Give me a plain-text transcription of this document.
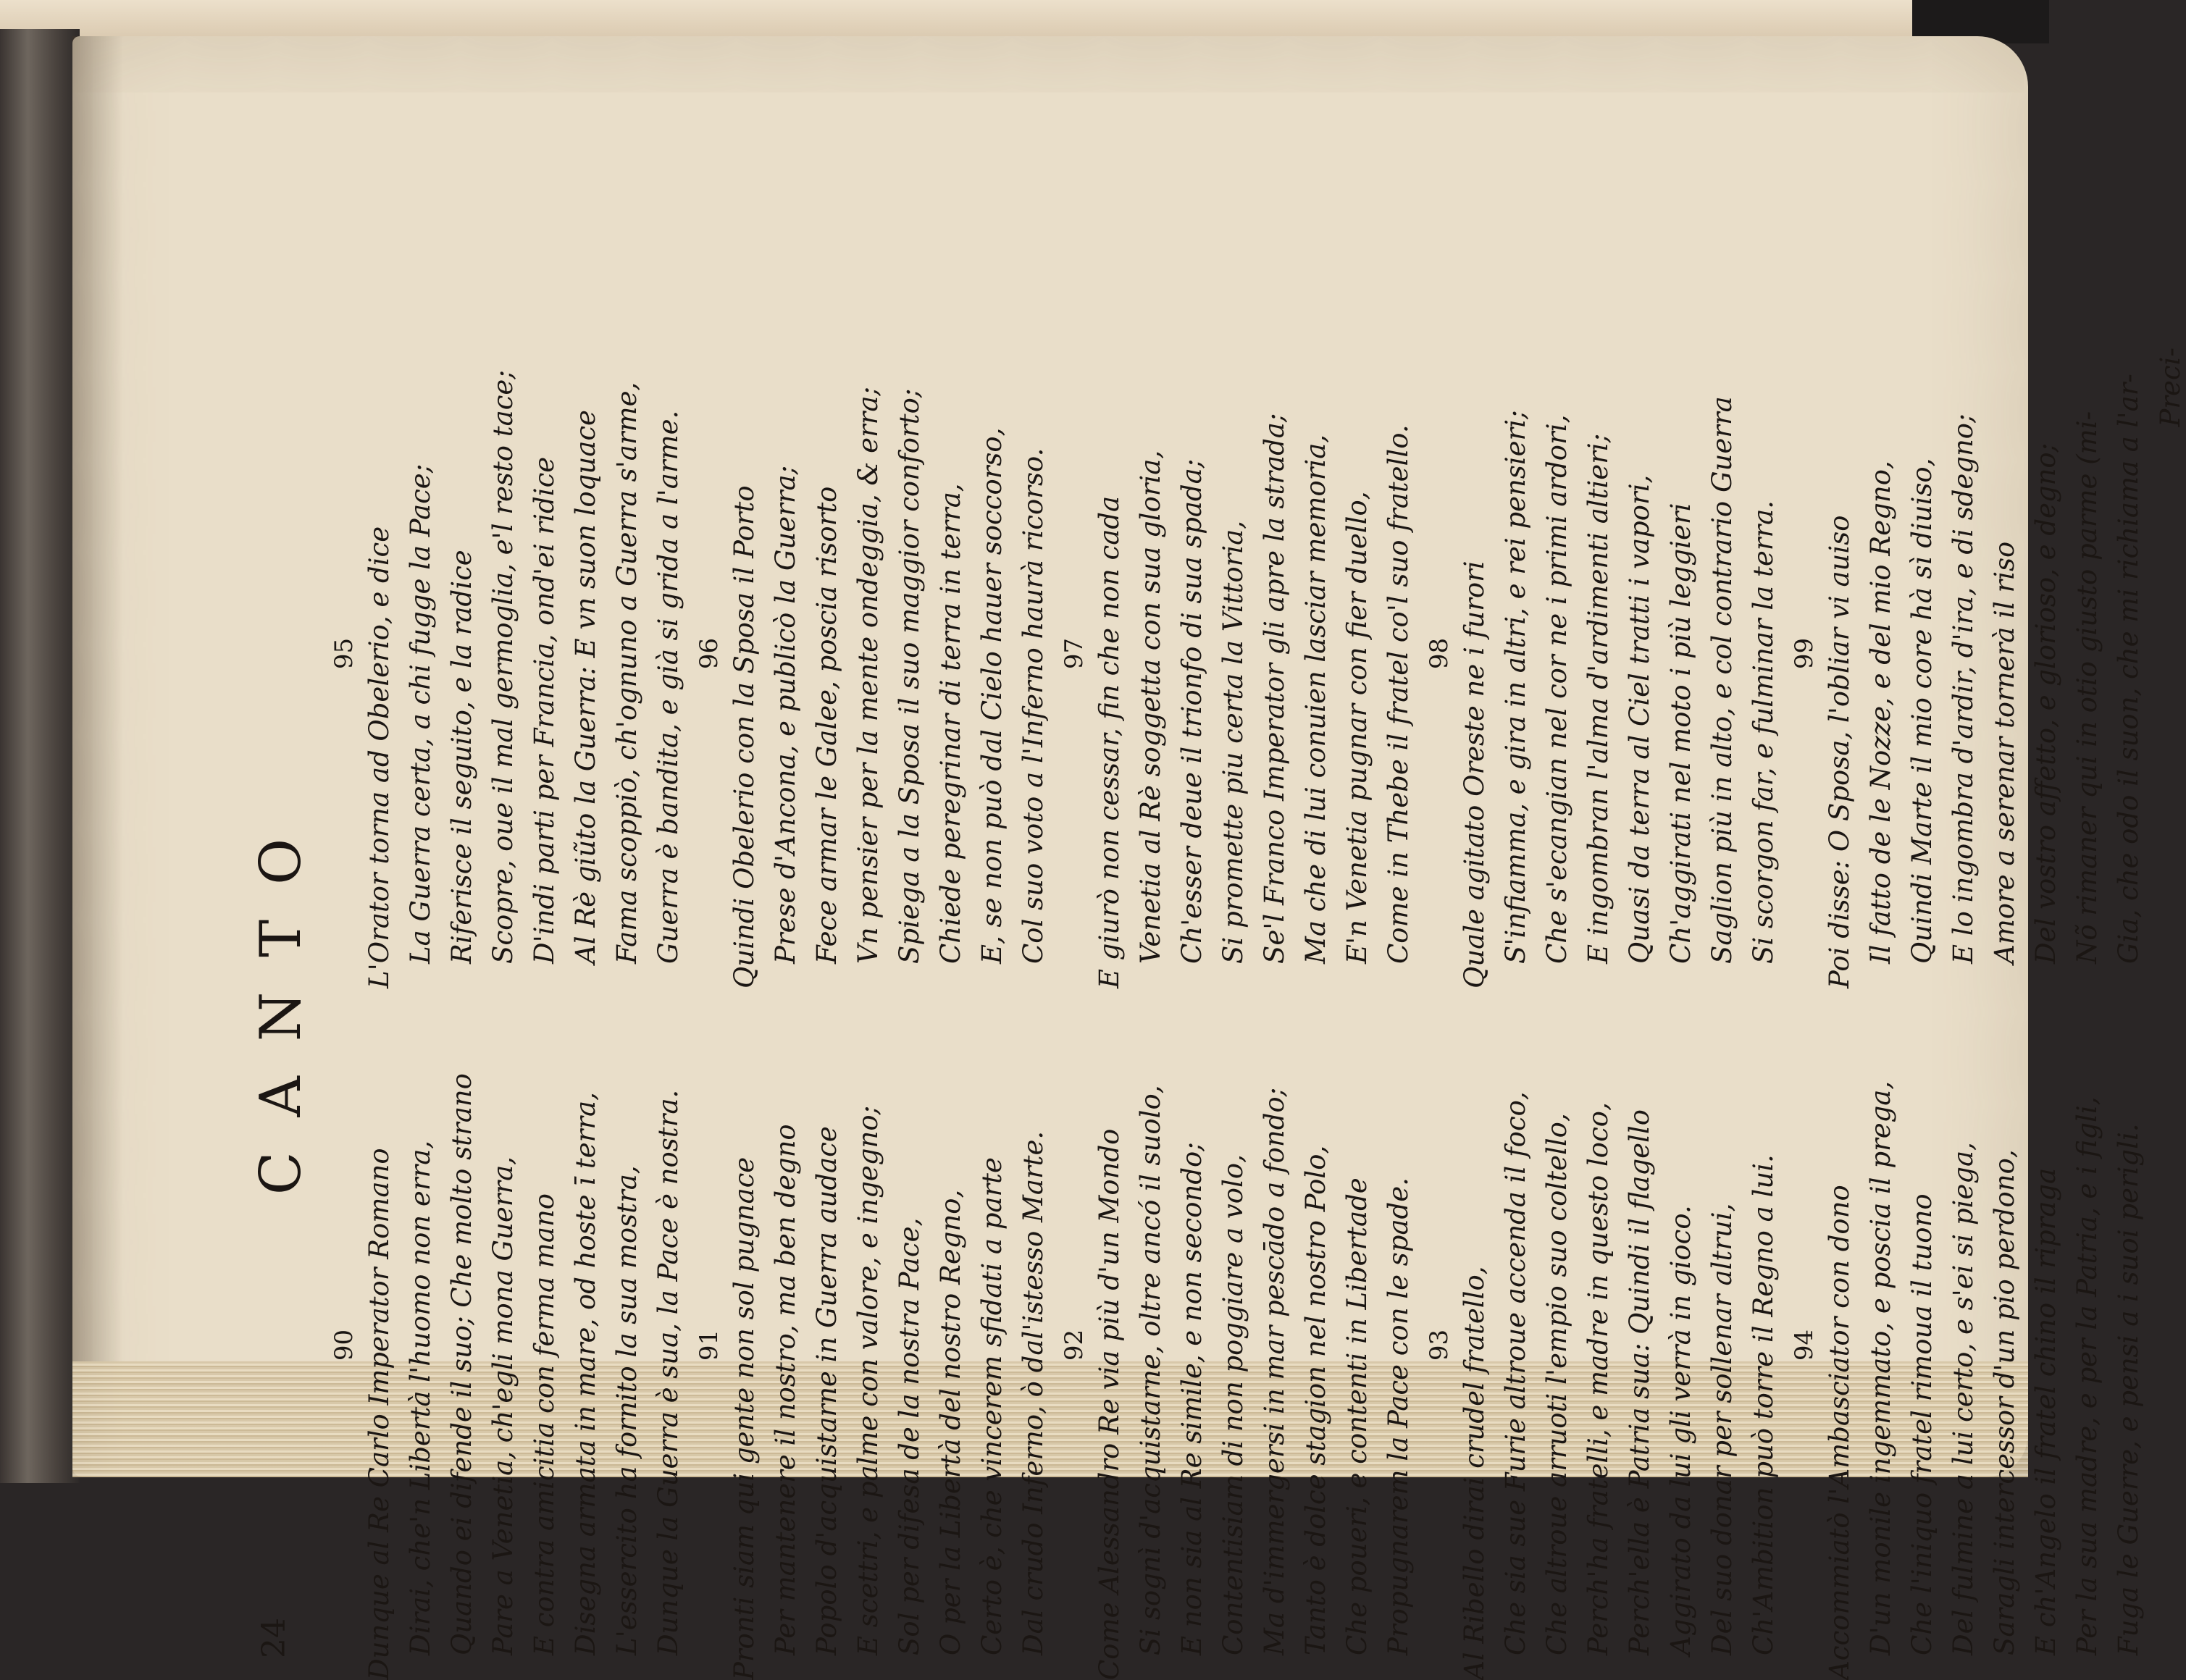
24
CANTO
90 Dunque al Re Carlo Imperator Romano Dirai, che'n Libertà l'huomo non erra, Quando ei difende il suo; Che molto strano Pare a Venetia, ch'egli mona Guerra, E contra amicitia con ferma mano Disegna armata in mare, od hoste ī terra, L'essercito ha fornito la sua mostra, Dunque la Guerra è sua, la Pace è nostra. 91 Pronti siam qui gente non sol pugnace Per mantenere il nostro, ma ben degno Popolo d'acquistarne in Guerra audace E scettri, e palme con valore, e ingegno; Sol per difesa de la nostra Pace, O per la Libertà del nostro Regno, Certo è, che vincerem sfidati a parte Dal crudo Inferno, ò dal'istesso Marte. 92 Come Alessandro Re via più d'un Mondo Si sognì d'acquistarne, oltre ancó il suolo, E non sia al Re simile, e non secondo; Contentisiam di non poggiare a volo, Ma d'immergersi in mar pescādo a fondo; Tanto è dolce stagion nel nostro Polo, Che poueri, e contenti in Libertade Propugnarem la Pace con le spade. 93 Al Ribello dirai crudel fratello, Che sia sue Furie altroue accenda il foco, Che altroue arruoti l'empio suo coltello, Perch'ha fratelli, e madre in questo loco, Perch'ella è Patria sua: Quindi il flagello Aggirato da lui gli verrà in gioco. Del suo donar per sollenar altrui, Ch'Ambition può torre il Regno a lui. 94 Accommiatò l'Ambasciator con dono D'un monile ingemmato, e poscia il prega, Che l'iniquo fratel rimoua il tuono Del fulmine a lui certo, e s'ei si piega, Saragli intercessor d'un pio perdono, E ch'Angelo il fratel chino il ripraga Per la sua madre, e per la Patria, e i figli, Fuga le Guerre, e pensi a i suoi perigli.
95 L'Orator torna ad Obelerio, e dice La Guerra certa, a chi fugge la Pace; Riferisce il seguito, e la radice Scopre, oue il mal germoglia, e'l resto tace; D'indi parti per Francia, ond'ei ridice Al Rè giũto la Guerra: E vn suon loquace Fama scoppiò, ch'ognuno a Guerra s'arme, Guerra è bandita, e già si grida a l'arme. 96 Quindi Obelerio con la Sposa il Porto Prese d'Ancona, e publicò la Guerra; Fece armar le Galee, poscia risorto Vn pensier per la mente ondeggia, & erra; Spiega a la Sposa il suo maggior conforto; Chiede peregrinar di terra in terra, E, se non può dal Cielo hauer soccorso, Col suo voto a l'Inferno haurà ricorso. 97 E giurò non cessar, fin che non cada Venetia al Rè soggetta con sua gloria, Ch'esser deue il trionfo di sua spada; Si promette piu certa la Vittoria, Se'l Franco Imperator gli apre la strada; Ma che di lui conuien lasciar memoria, E'n Venetia pugnar con fier duello, Come in Thebe il fratel co'l suo fratello. 98 Quale agitato Oreste ne i furori S'infiamma, e gira in altri, e rei pensieri; Che s'ecangian nel cor ne i primi ardori, E ingombran l'alma d'ardimenti altieri; Quasi da terra al Ciel tratti i vapori, Ch'aggirati nel moto i più leggieri Saglion più in alto, e col contrario Guerra Si scorgon far, e fulminar la terra. 99 Poi disse: O Sposa, l'obliar vi auiso Il fatto de le Nozze, e del mio Regno, Quindi Marte il mio core hà sì diuiso, E lo ingombra d'ardir, d'ira, e di sdegno; Amore a serenar tornerà il riso Del vostro affetto, e glorioso, e degno; Nõ rimaner qui in otio giusto parme (mi- Gia, che odo il suon, che mi richiama a l'ar- Preci-
